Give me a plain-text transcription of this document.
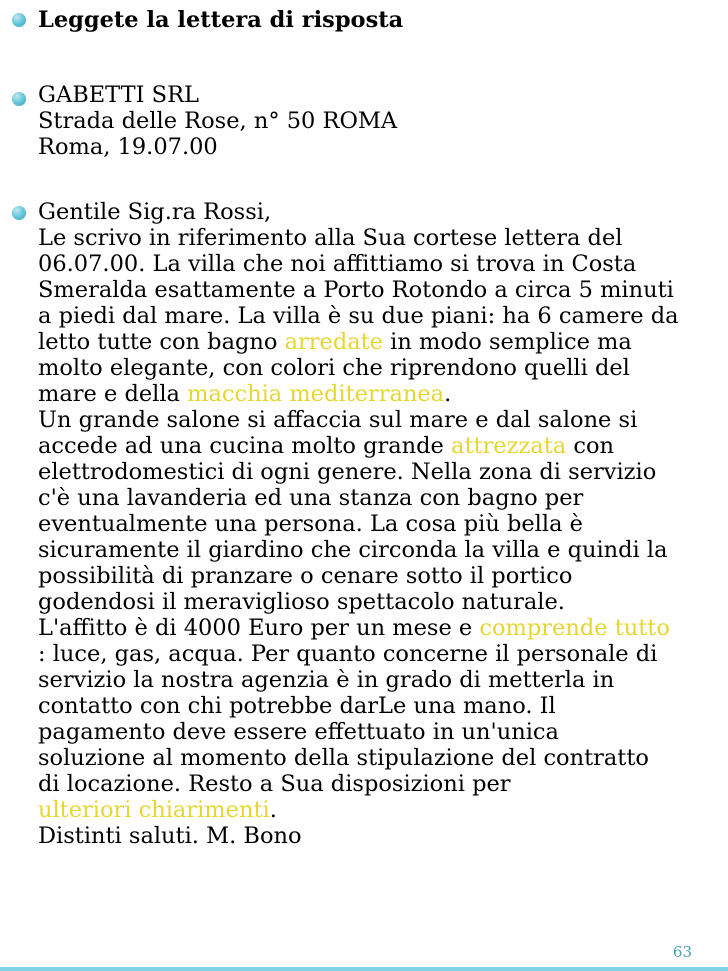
Leggete la lettera di risposta
GABETTI SRL
Strada delle Rose, n° 50 ROMA
Roma, 19.07.00
Gentile Sig.ra Rossi,
Le scrivo in riferimento alla Sua cortese lettera del
06.07.00. La villa che noi affittiamo si trova in Costa
Smeralda esattamente a Porto Rotondo a circa 5 minuti
a piedi dal mare. La villa è su due piani: ha 6 camere da
letto tutte con bagno arredate in modo semplice ma
molto elegante, con colori che riprendono quelli del
mare e della macchia mediterranea.
Un grande salone si affaccia sul mare e dal salone si
accede ad una cucina molto grande attrezzata con
elettrodomestici di ogni genere. Nella zona di servizio
c'è una lavanderia ed una stanza con bagno per
eventualmente una persona. La cosa più bella è
sicuramente il giardino che circonda la villa e quindi la
possibilità di pranzare o cenare sotto il portico
godendosi il meraviglioso spettacolo naturale.
L'affitto è di 4000 Euro per un mese e comprende tutto
: luce, gas, acqua. Per quanto concerne il personale di
servizio la nostra agenzia è in grado di metterla in
contatto con chi potrebbe darLe una mano. Il
pagamento deve essere effettuato in un'unica
soluzione al momento della stipulazione del contratto
di locazione. Resto a Sua disposizioni per
ulteriori chiarimenti.
Distinti saluti. M. Bono
63
